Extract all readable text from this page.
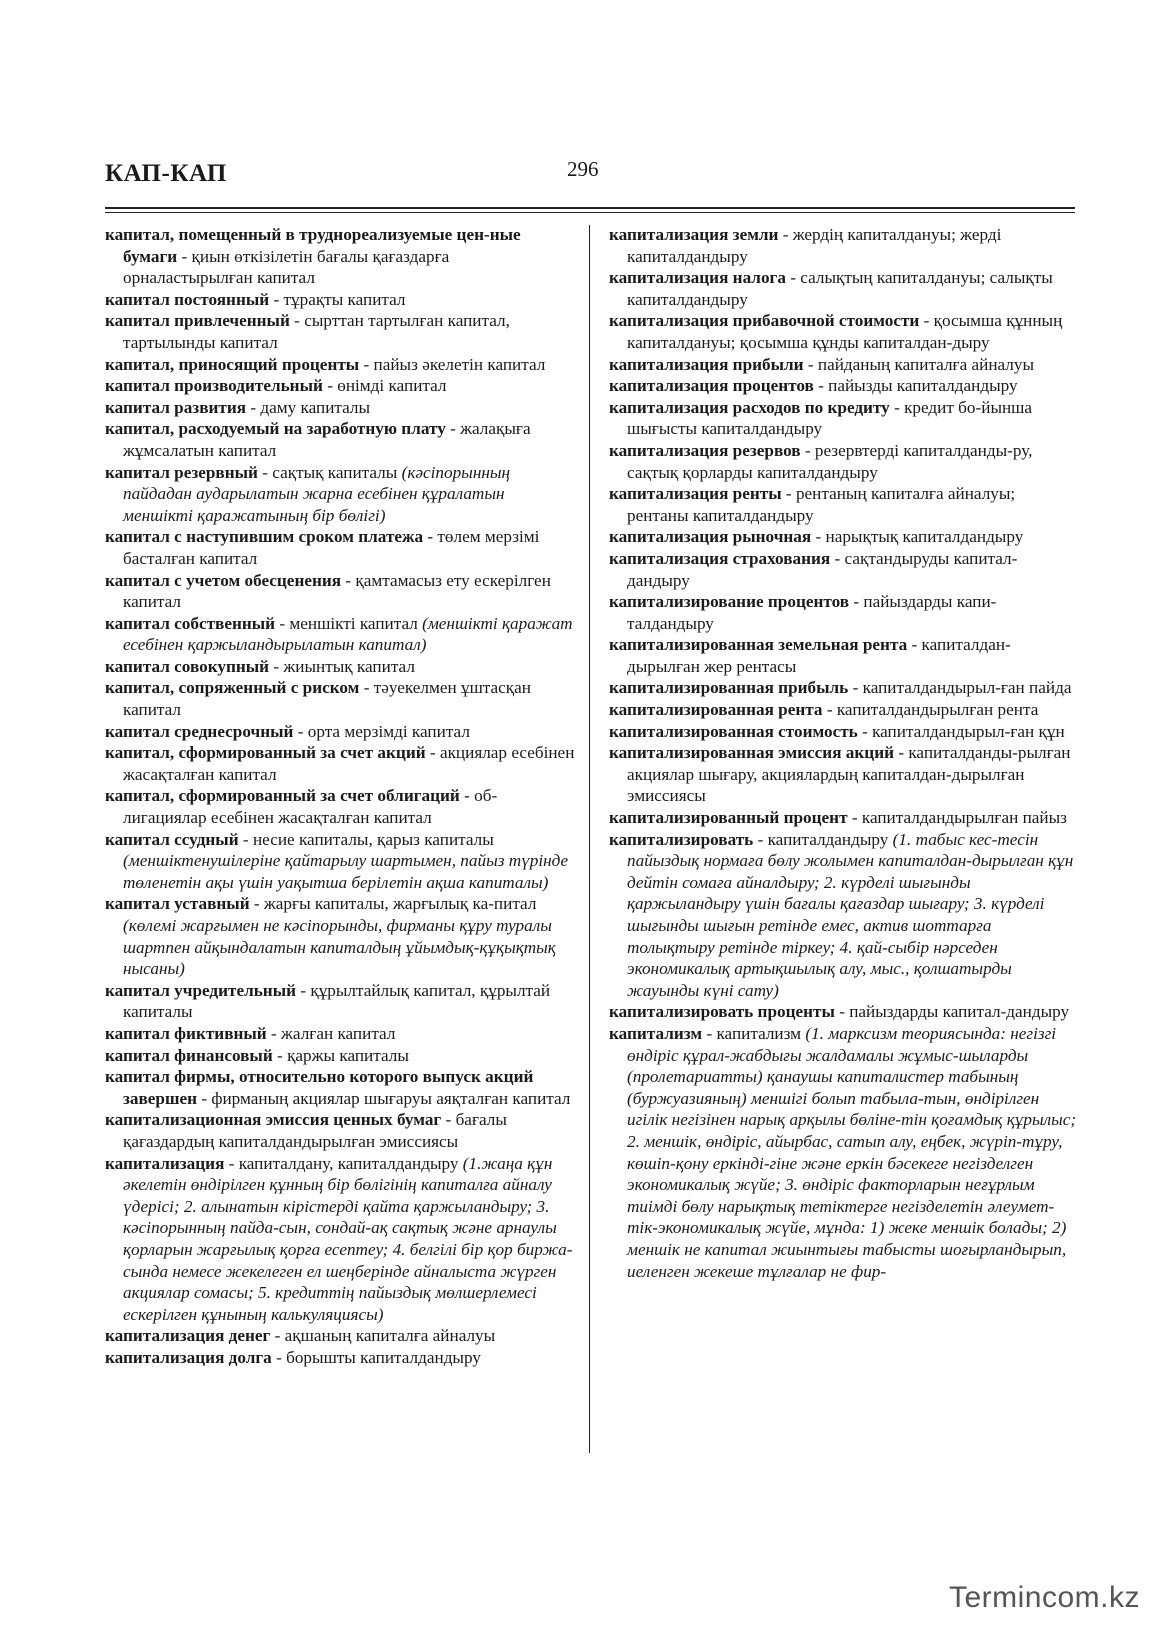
КАП-КАП	296

капитал, помещенный в труднореализуемые цен-ные бумаги - қиын өткізілетін бағалы қағаздарға орналастырылған капитал

капитал постоянный - тұрақты капитал

капитал привлеченный - сырттан тартылған капитал, тартылынды капитал

капитал, приносящий проценты - пайыз әкелетін капитал

капитал производительный - өнімді капитал

капитал развития - даму капиталы

капитал, расходуемый на заработную плату - жалақыға жұмсалатын капитал

капитал резервный - сақтық капиталы (кәсіпорынның пайдадан аударылатын жарна есебінен құралатын меншікті қаражатының бір бөлігі)

капитал с наступившим сроком платежа - төлем мерзімі басталған капитал

капитал с учетом обесценения - қамтамасыз ету ескерілген капитал

капитал собственный - меншікті капитал (меншікті қаражат есебінен қаржыландырылатын капитал)

капитал совокупный - жиынтық капитал

капитал, сопряженный с риском - тәуекелмен ұштасқан капитал

капитал среднесрочный - орта мерзімді капитал

капитал, сформированный за счет акций - акциялар есебінен жасақталған капитал

капитал, сформированный за счет облигаций - об-лигациялар есебінен жасақталған капитал

капитал ссудный - несие капиталы, қарыз капиталы (меншіктенушілеріне қайтарылу шартымен, пайыз түрінде төленетін ақы үшін уақытша берілетін ақша капиталы)

капитал уставный - жарғы капиталы, жарғылық ка-питал (көлемі жарғымен не кәсіпорынды, фирманы құру туралы шартпен айқындалатын капиталдың ұйымдық-құқықтық нысаны)

капитал учредительный - құрылтайлық капитал, құрылтай капиталы

капитал фиктивный - жалған капитал

капитал финансовый - қаржы капиталы

капитал фирмы, относительно которого выпуск акций завершен - фирманың акциялар шығаруы аяқталған капитал

капитализационная эмиссия ценных бумаг - бағалы қағаздардың капиталдандырылған эмиссиясы

капитализация - капиталдану, капиталдандыру (1.жаңа құн әкелетін өндірілген құнның бір бөлігінің капиталға айналу үдерісі; 2. алынатын кірістерді қайта қаржыландыру; 3. кәсіпорынның пайда-сын, сондай-ақ сақтық және арнаулы қорларын жарғылық қорға есептеу; 4. белгілі бір қор биржа-сында немесе жекелеген ел шеңберінде айналыста жүрген акциялар сомасы; 5. кредиттің пайыздық мөлшерлемесі ескерілген құнының калькуляциясы)

капитализация денег - ақшаның капиталға айналуы

капитализация долга - борышты капиталдандыру

капитализация земли - жердің капиталдануы; жерді капиталдандыру

капитализация налога - салықтың капиталдануы; салықты капиталдандыру

капитализация прибавочной стоимости - қосымша құнның капиталдануы; қосымша құнды капиталдан-дыру

капитализация прибыли - пайданың капиталға айналуы

капитализация процентов - пайызды капиталдандыру

капитализация расходов по кредиту - кредит бо-йынша шығысты капиталдандыру

капитализация резервов - резервтерді капиталданды-ру, сақтық қорларды капиталдандыру

капитализация ренты - рентаның капиталға айналуы; рентаны капиталдандыру

капитализация рыночная - нарықтық капиталдандыру

капитализация страхования - сақтандыруды капитал-дандыру

капитализирование процентов - пайыздарды капи-талдандыру

капитализированная земельная рента - капиталдан-дырылған жер рентасы

капитализированная прибыль - капиталдандырыл-ған пайда

капитализированная рента - капиталдандырылған рента

капитализированная стоимость - капиталдандырыл-ған құн

капитализированная эмиссия акций - капиталданды-рылған акциялар шығару, акциялардың капиталдан-дырылған эмиссиясы

капитализированный процент - капиталдандырылған пайыз

капитализировать - капиталдандыру (1. табыс кес-тесін пайыздық нормаға бөлу жолымен капиталдан-дырылған құн дейтін сомаға айналдыру; 2. күрделі шығынды қаржыландыру үшін бағалы қағаздар шығару; 3. күрделі шығынды шығын ретінде емес, актив шоттарға толықтыру ретінде тіркеу; 4. қай-сыбір нәрседен экономикалық артықшылық алу, мыс., қолшатырды жауынды күні сату)

капитализировать проценты - пайыздарды капитал-дандыру

капитализм - капитализм (1. марксизм теориясында: негізгі өндіріс құрал-жабдығы жалдамалы жұмыс-шыларды (пролетариатты) қанаушы капиталистер табының (буржуазияның) меншігі болып табыла-тын, өндірілген игілік негізінен нарық арқылы бөліне-тін қоғамдық құрылыс; 2. меншік, өндіріс, айырбас, сатып алу, еңбек, жүріп-тұру, көшіп-қону еркінді-гіне және еркін бәсекеге негізделген экономикалық жүйе; 3. өндіріс факторларын неғұрлым тиімді бөлу нарықтық тетіктерге негізделетін әлеумет-тік-экономикалық жүйе, мұнда: 1) жеке меншік болады; 2) меншік не капитал жиынтығы табысты шоғырландырып, иеленген жекеше тұлғалар не фир-

Termincom.kz
